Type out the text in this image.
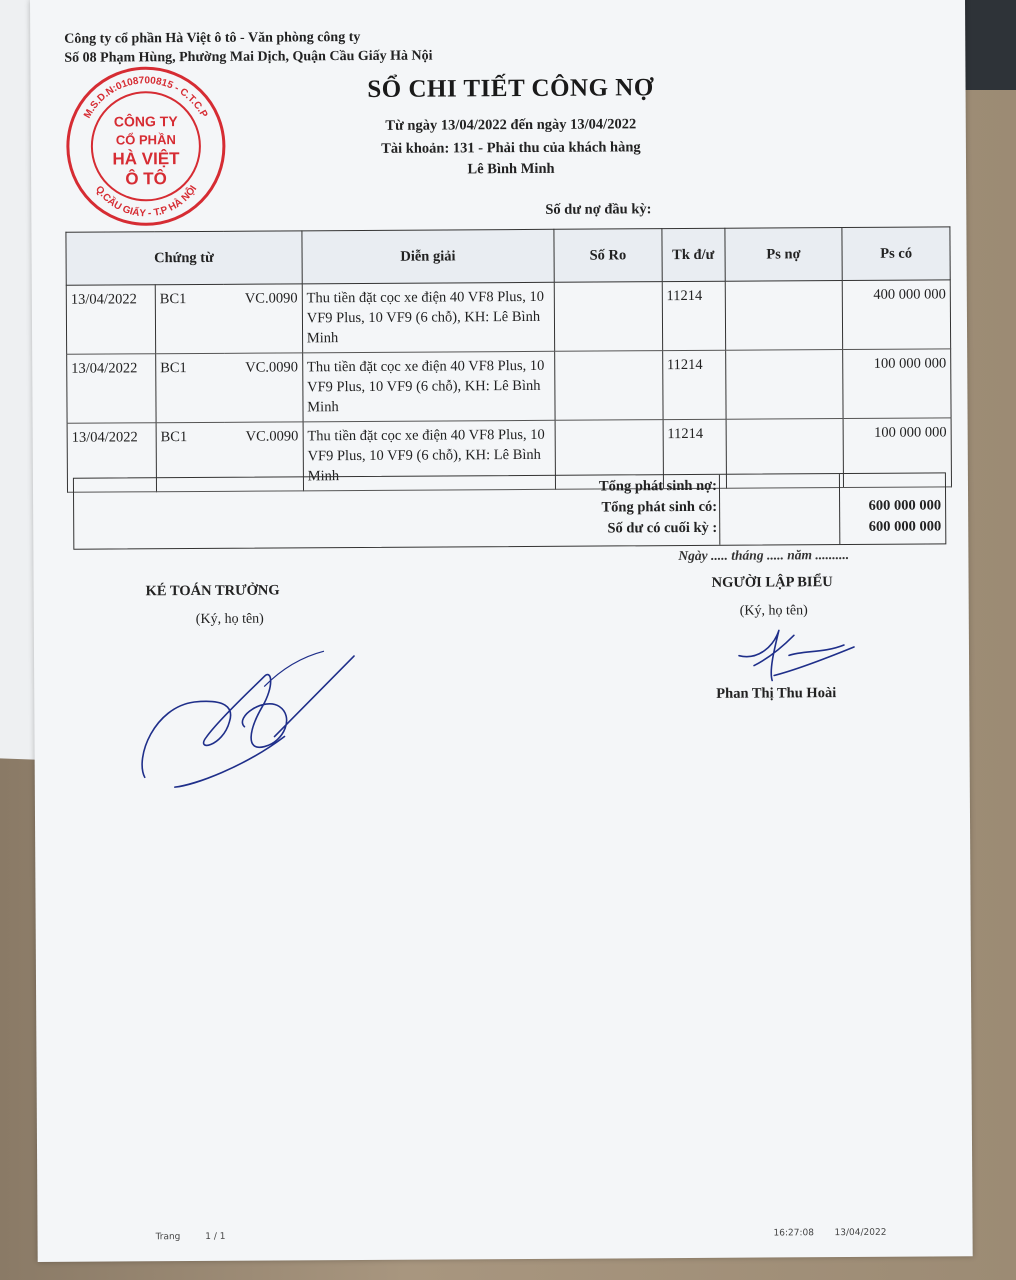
Công ty cổ phần Hà Việt ô tô - Văn phòng công ty
Số 08 Phạm Hùng, Phường Mai Dịch, Quận Cầu Giấy Hà Nội
SỔ CHI TIẾT CÔNG NỢ
Từ ngày 13/04/2022 đến ngày 13/04/2022
Tài khoản: 131 - Phải thu của khách hàng
Lê Bình Minh
Số dư nợ đầu kỳ:
Chứng từ			Diễn giải	Số Ro	Tk đ/ư	Ps nợ	Ps có
13/04/2022	BC1	VC.0090	Thu tiền đặt cọc xe điện 40 VF8 Plus, 10 VF9 Plus, 10 VF9 (6 chỗ), KH: Lê Bình Minh		11214		400 000 000
13/04/2022	BC1	VC.0090	Thu tiền đặt cọc xe điện 40 VF8 Plus, 10 VF9 Plus, 10 VF9 (6 chỗ), KH: Lê Bình Minh		11214		100 000 000
13/04/2022	BC1	VC.0090	Thu tiền đặt cọc xe điện 40 VF8 Plus, 10 VF9 Plus, 10 VF9 (6 chỗ), KH: Lê Bình Minh		11214		100 000 000
Tổng phát sinh nợ:
Tổng phát sinh có:	600 000 000
Số dư có cuối kỳ :	600 000 000
Ngày ..... tháng ..... năm ..........
KÉ TOÁN TRƯỞNG
(Ký, họ tên)
NGƯỜI LẬP BIỂU
(Ký, họ tên)
Phan Thị Thu Hoài
M.S.D.N:0108700815 - C.T.C.P
Q.CẦU GIẤY - T.P HÀ NỘI
CÔNG TY
CỔ PHẦN
HÀ VIỆT
Ô TÔ
Trang	1 / 1	16:27:08 13/04/2022
